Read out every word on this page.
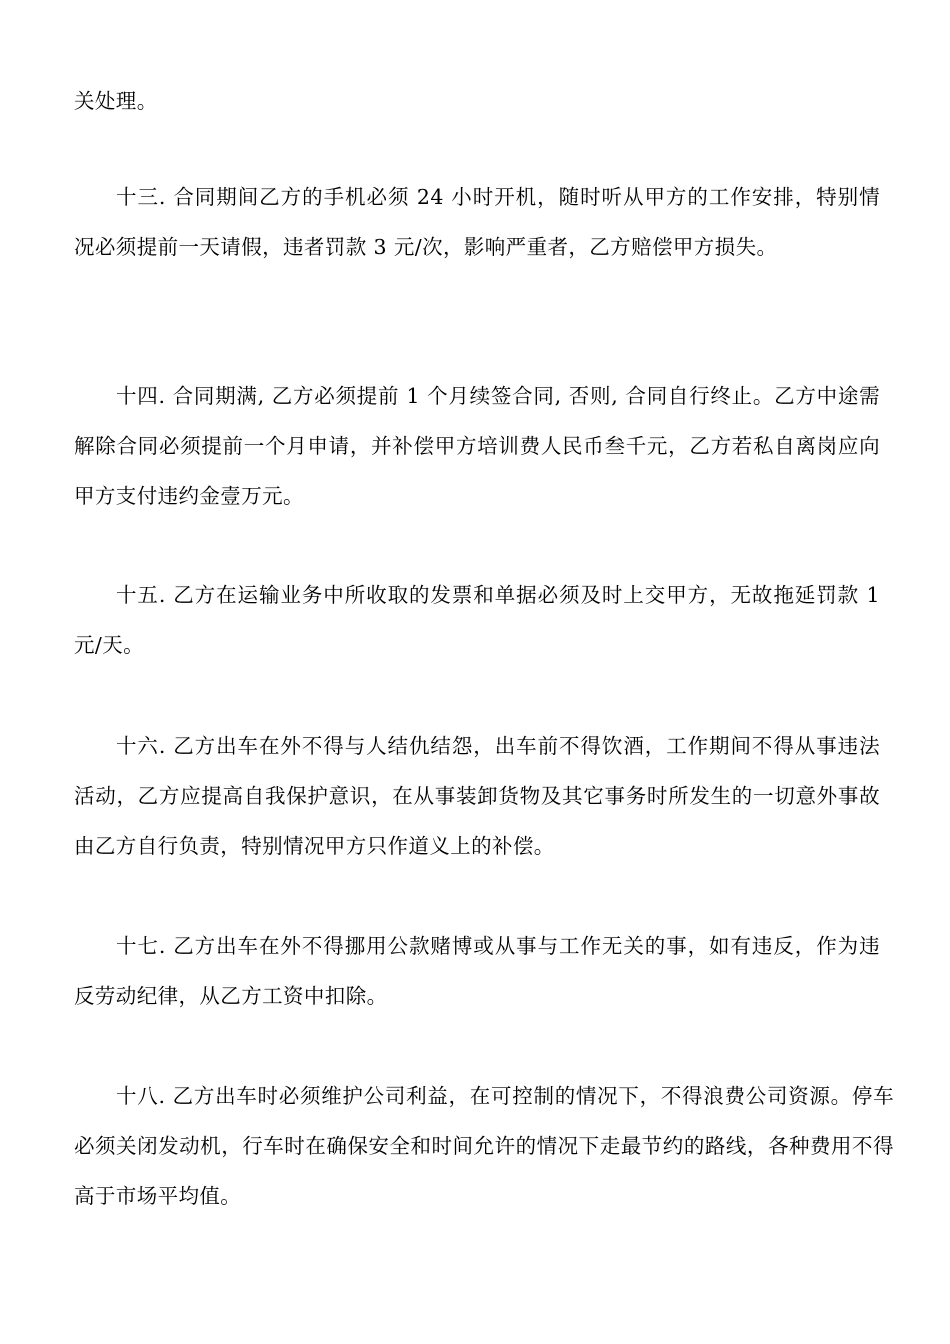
关处理。

十三. 合同期间乙方的手机必须 24 小时开机，随时听从甲方的工作安排，特别情况必须提前一天请假，违者罚款 3 元/次，影响严重者，乙方赔偿甲方损失。

十四. 合同期满, 乙方必须提前 1 个月续签合同, 否则, 合同自行终止。乙方中途需解除合同必须提前一个月申请，并补偿甲方培训费人民币叁千元，乙方若私自离岗应向甲方支付违约金壹万元。

十五. 乙方在运输业务中所收取的发票和单据必须及时上交甲方，无故拖延罚款 1 元/天。

十六. 乙方出车在外不得与人结仇结怨，出车前不得饮酒，工作期间不得从事违法活动，乙方应提高自我保护意识，在从事装卸货物及其它事务时所发生的一切意外事故由乙方自行负责，特别情况甲方只作道义上的补偿。

十七. 乙方出车在外不得挪用公款赌博或从事与工作无关的事，如有违反，作为违反劳动纪律，从乙方工资中扣除。

十八. 乙方出车时必须维护公司利益，在可控制的情况下，不得浪费公司资源。停车必须关闭发动机，行车时在确保安全和时间允许的情况下走最节约的路线，各种费用不得高于市场平均值。
